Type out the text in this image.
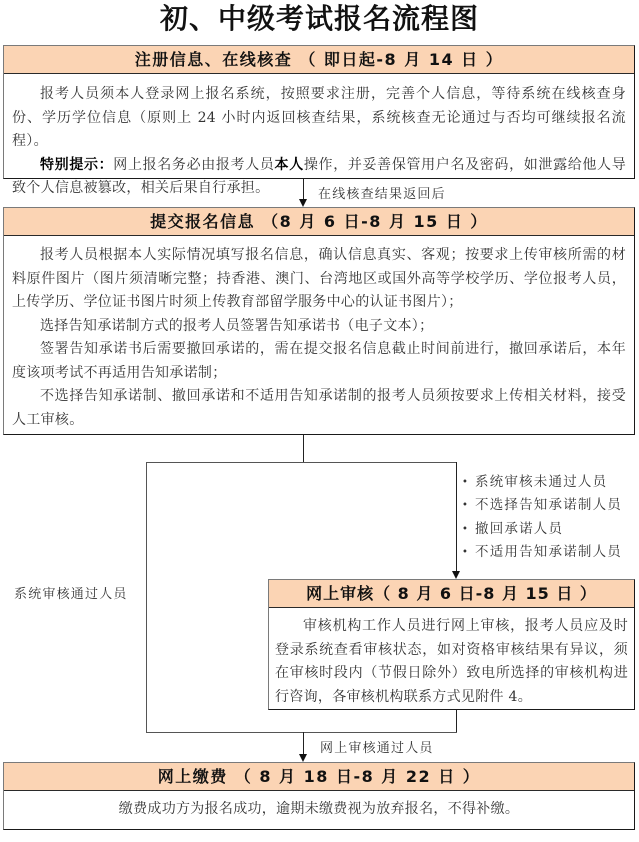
初、中级考试报名流程图
注册信息、在线核查 （ 即日起-8 月 14 日 ）

报考人员须本人登录网上报名系统，按照要求注册，完善个人信息，等待系统在线核查身份、学历学位信息（原则上 24 小时内返回核查结果，系统核查无论通过与否均可继续报名流程）。

特别提示：网上报名务必由报考人员本人操作，并妥善保管用户名及密码，如泄露给他人导致个人信息被篡改，相关后果自行承担。	在线核查结果返回后
提交报名信息 （8 月 6 日-8 月 15 日 ）

报考人员根据本人实际情况填写报名信息，确认信息真实、客观；按要求上传审核所需的材料原件图片（图片须清晰完整；持香港、澳门、台湾地区或国外高等学校学历、学位报考人员，上传学历、学位证书图片时须上传教育部留学服务中心的认证书图片）；

选择告知承诺制方式的报考人员签署告知承诺书（电子文本）；

签署告知承诺书后需要撤回承诺的，需在提交报名信息截止时间前进行，撤回承诺后，本年度该项考试不再适用告知承诺制；

不选择告知承诺制、撤回承诺和不适用告知承诺制的报考人员须按要求上传相关材料，接受人工审核。

系统审核通过人员
• 系统审核未通过人员
• 不选择告知承诺制人员
• 撤回承诺人员
• 不适用告知承诺制人员
网上审核（ 8 月 6 日-8 月 15 日 ）

审核机构工作人员进行网上审核，报考人员应及时登录系统查看审核状态，如对资格审核结果有异议，须在审核时段内（节假日除外）致电所选择的审核机构进行咨询，各审核机构联系方式见附件 4。

网上审核通过人员
网上缴费 （ 8 月 18 日-8 月 22 日 ）
缴费成功方为报名成功，逾期未缴费视为放弃报名，不得补缴。
